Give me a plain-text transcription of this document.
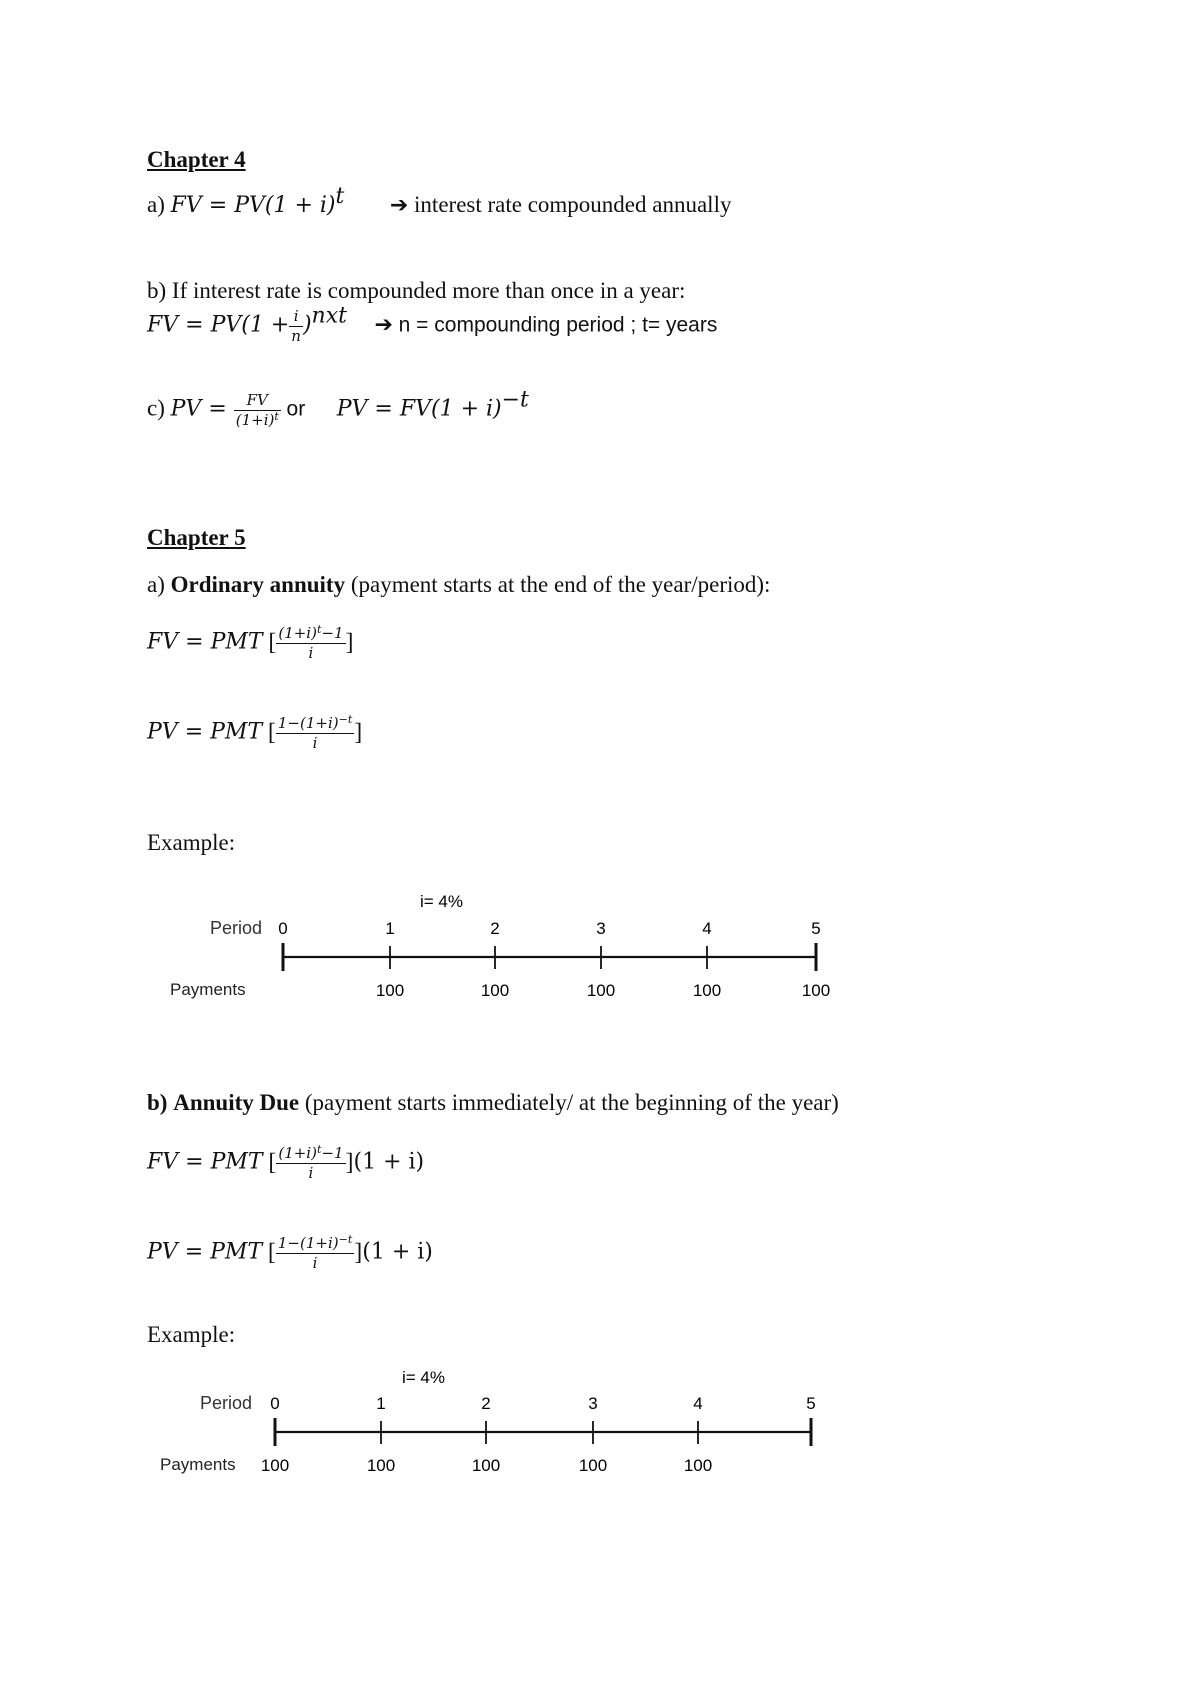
Chapter 4
a) FV = $PV(1 + i)^t$ ➔ interest rate compounded annually
b) If interest rate is compounded more than once in a year:
FV = $PV(1 + \frac{i}{n} )^{nxt}$ ➔ n = compounding period ; t= years
c) PV = $\frac{FV}{(1+i)^t}$ or PV = $FV(1 + i)^{-t}$
Chapter 5
a) Ordinary annuity (payment starts at the end of the year/period):
FV = PMT [ $\frac{(1+i)^t-1}{i}$ ]
PV = PMT [ $\frac{1-(1+i)^{-t}}{i}$ ]
Example:
i= 4%
Period
Payments
0	1
100
2
100
3
100
4
100
5
100
b) Annuity Due (payment starts immediately/ at the beginning of the year)
FV = PMT [ $\frac{(1+i)^t-1}{i} ](1 + i)$
PV = PMT [ $\frac{1-(1+i)^{-t}}{i} ](1 + i)$
Example:
i= 4%
Period
Payments
0
100
1
100
2
100
3
100
4
100
5
